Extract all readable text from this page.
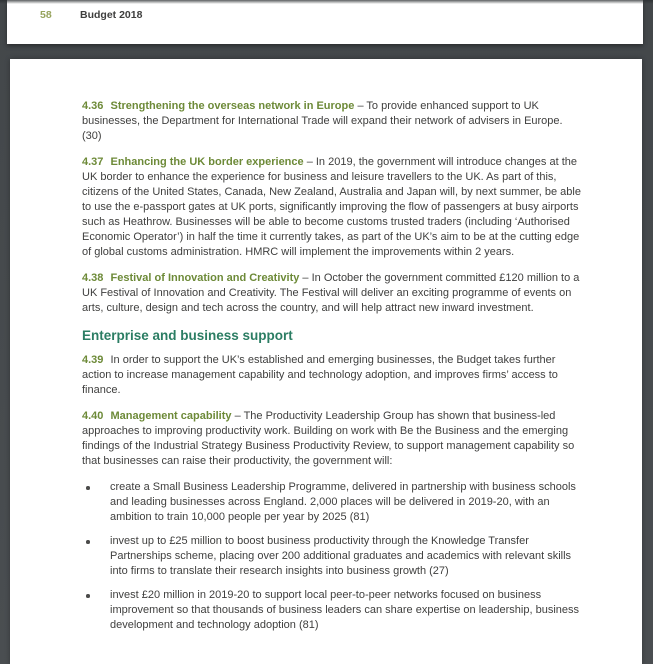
58	Budget 2018

4.36 Strengthening the overseas network in Europe – To provide enhanced support to UK businesses, the Department for International Trade will expand their network of advisers in Europe. (30)

4.37 Enhancing the UK border experience – In 2019, the government will introduce changes at the UK border to enhance the experience for business and leisure travellers to the UK. As part of this, citizens of the United States, Canada, New Zealand, Australia and Japan will, by next summer, be able to use the e-passport gates at UK ports, significantly improving the flow of passengers at busy airports such as Heathrow. Businesses will be able to become customs trusted traders (including ‘Authorised Economic Operator’) in half the time it currently takes, as part of the UK’s aim to be at the cutting edge of global customs administration. HMRC will implement the improvements within 2 years.

4.38 Festival of Innovation and Creativity – In October the government committed £120 million to a UK Festival of Innovation and Creativity. The Festival will deliver an exciting programme of events on arts, culture, design and tech across the country, and will help attract new inward investment.

Enterprise and business support

4.39 In order to support the UK’s established and emerging businesses, the Budget takes further action to increase management capability and technology adoption, and improves firms’ access to finance.

4.40 Management capability – The Productivity Leadership Group has shown that business-led approaches to improving productivity work. Building on work with Be the Business and the emerging findings of the Industrial Strategy Business Productivity Review, to support management capability so that businesses can raise their productivity, the government will:

create a Small Business Leadership Programme, delivered in partnership with business schools and leading businesses across England. 2,000 places will be delivered in 2019-20, with an ambition to train 10,000 people per year by 2025 (81)
invest up to £25 million to boost business productivity through the Knowledge Transfer Partnerships scheme, placing over 200 additional graduates and academics with relevant skills into firms to translate their research insights into business growth (27)
invest £20 million in 2019-20 to support local peer-to-peer networks focused on business improvement so that thousands of business leaders can share expertise on leadership, business development and technology adoption (81)
